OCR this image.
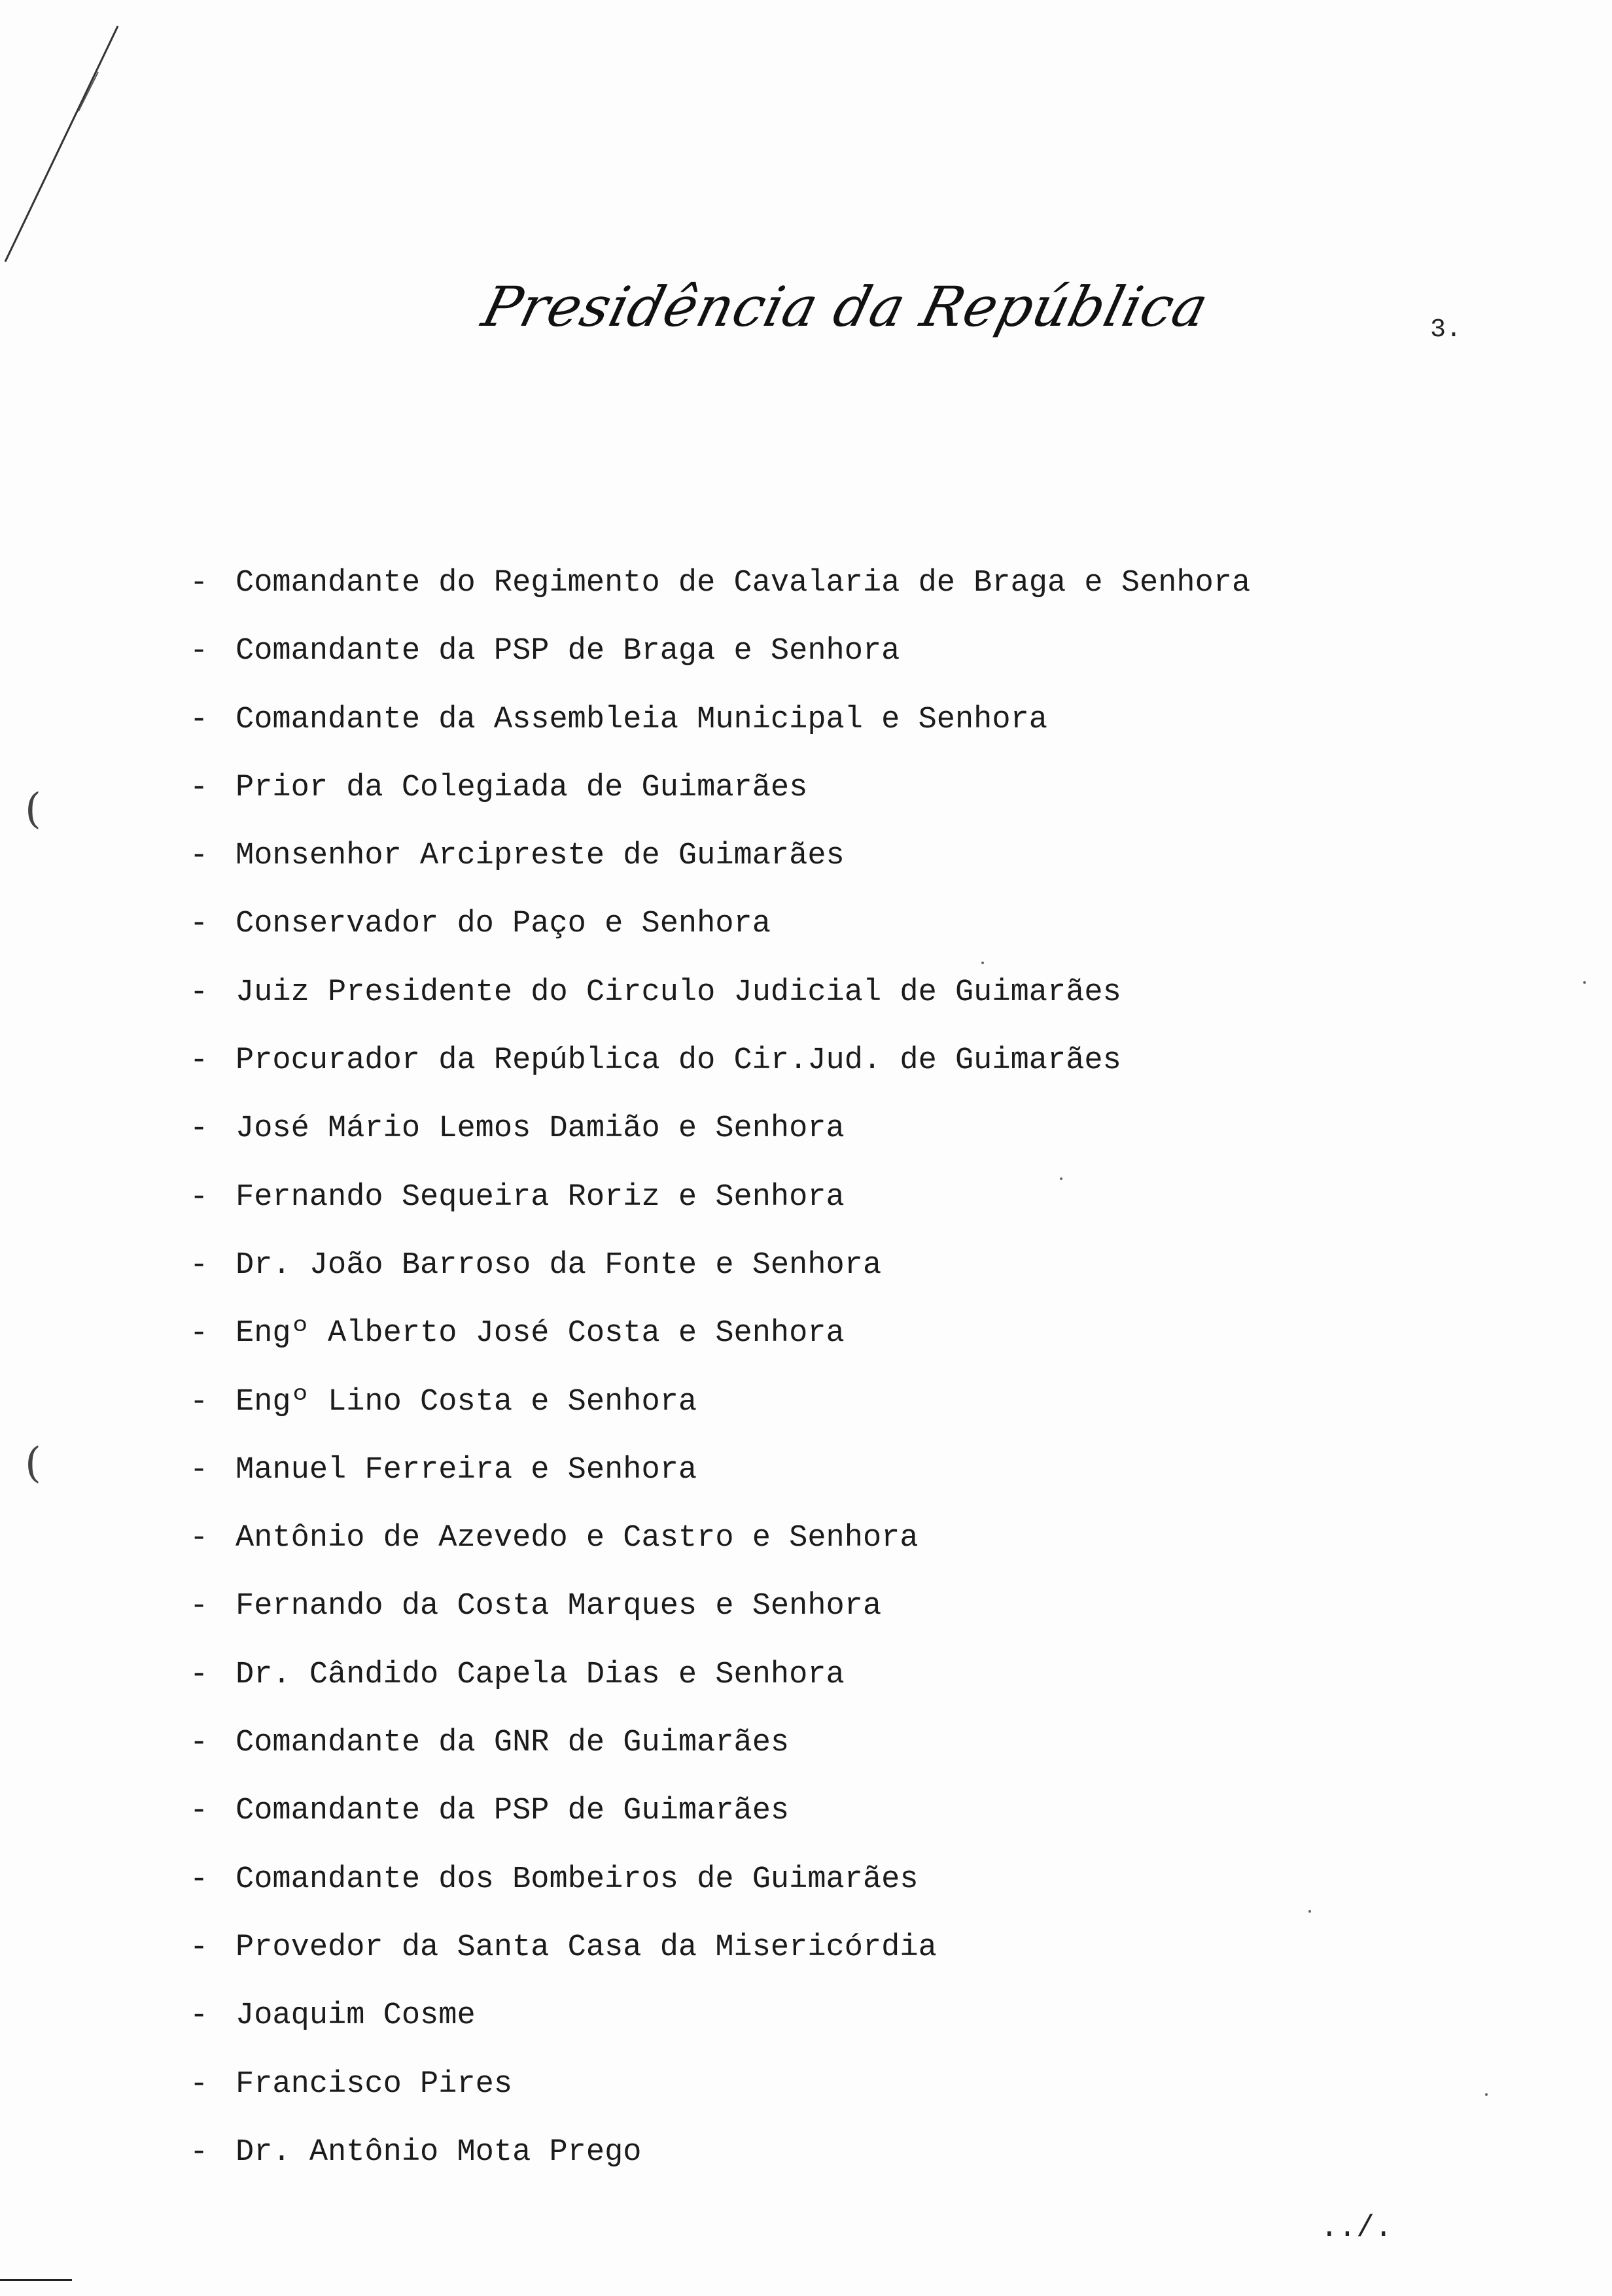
(
(
Presidência da República	3.
- Comandante do Regimento de Cavalaria de Braga e Senhora
- Comandante da PSP de Braga e Senhora
- Comandante da Assembleia Municipal e Senhora
- Prior da Colegiada de Guimarães
- Monsenhor Arcipreste de Guimarães
- Conservador do Paço e Senhora
- Juiz Presidente do Circulo Judicial de Guimarães
- Procurador da República do Cir.Jud. de Guimarães
- José Mário Lemos Damião e Senhora
- Fernando Sequeira Roriz e Senhora
- Dr. João Barroso da Fonte e Senhora
- Engº Alberto José Costa e Senhora
- Engº Lino Costa e Senhora
- Manuel Ferreira e Senhora
- Antônio de Azevedo e Castro e Senhora
- Fernando da Costa Marques e Senhora
- Dr. Cândido Capela Dias e Senhora
- Comandante da GNR de Guimarães
- Comandante da PSP de Guimarães
- Comandante dos Bombeiros de Guimarães
- Provedor da Santa Casa da Misericórdia
- Joaquim Cosme
- Francisco Pires
- Dr. Antônio Mota Prego
../.
